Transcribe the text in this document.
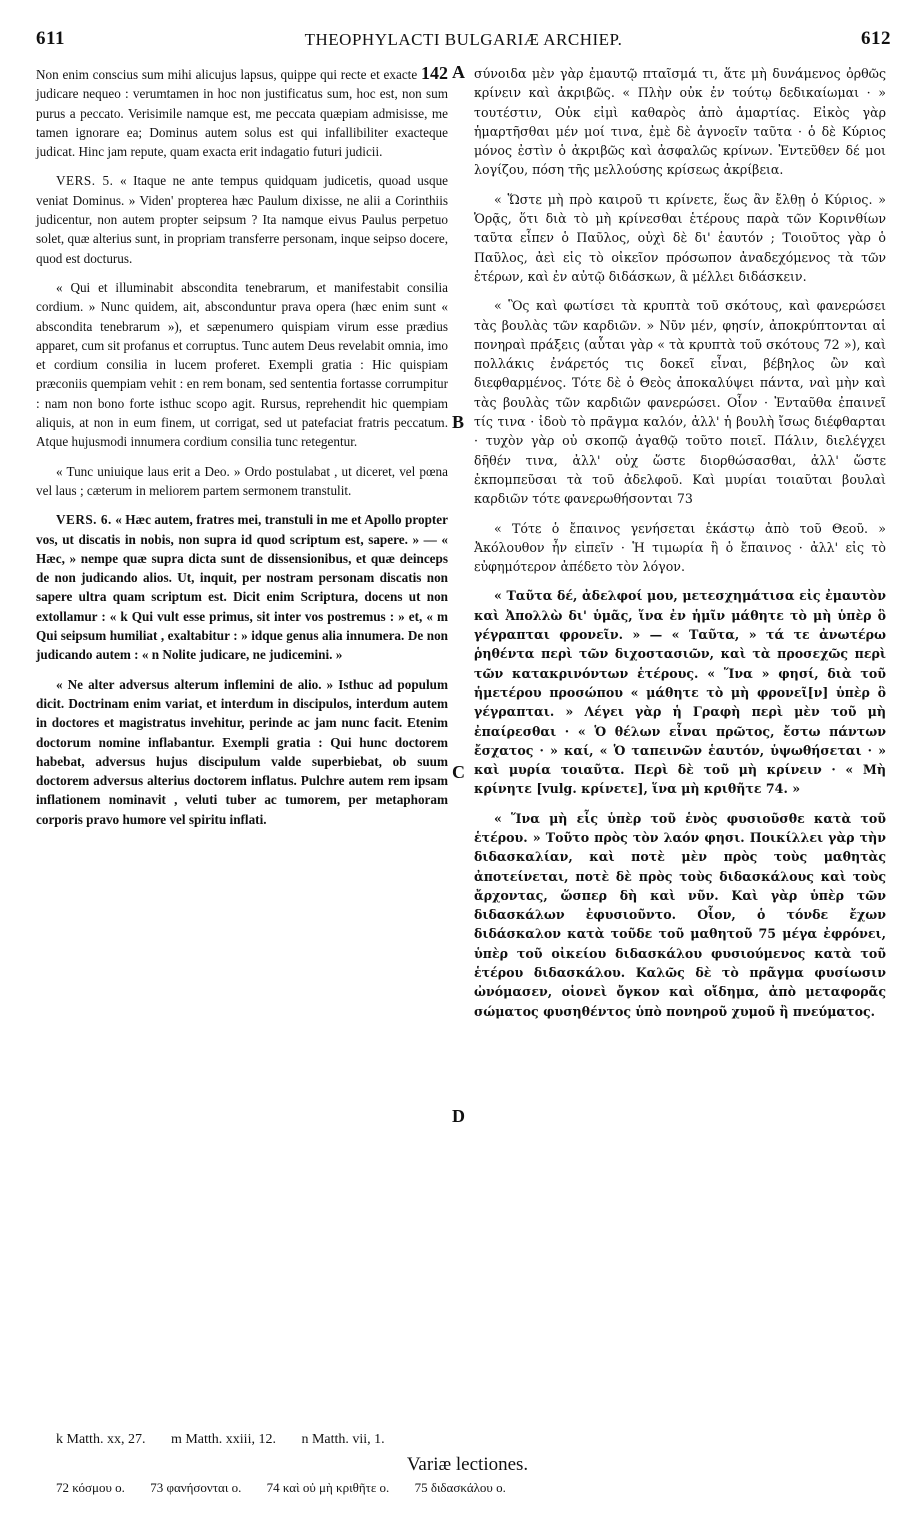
611	THEOPHYLACTI BULGARIÆ ARCHIEP.	612
A
B
C
D

Non enim conscius sum mihi alicujus lapsus, quippe qui recte et exacte 142 judicare nequeo : verumtamen in hoc non justificatus sum, hoc est, non sum purus a peccato. Verisimile namque est, me peccata quæpiam admisisse, me tamen ignorare ea; Dominus autem solus est qui infallibiliter exacteque judicat. Hinc jam repute, quam exacta erit indagatio futuri judicii.

VERS. 5. « Itaque ne ante tempus quidquam judicetis, quoad usque veniat Dominus. » Viden' propterea hæc Paulum dixisse, ne alii a Corinthiis judicentur, non autem propter seipsum ? Ita namque eivus Paulus perpetuo solet, quæ alterius sunt, in propriam transferre personam, inque seipso docere, quod est docturus.

« Qui et illuminabit abscondita tenebrarum, et manifestabit consilia cordium. » Nunc quidem, ait, absconduntur prava opera (hæc enim sunt « abscondita tenebrarum »), et sæpenumero quispiam virum esse prædius apparet, cum sit profanus et corruptus. Tunc autem Deus revelabit omnia, imo et cordium consilia in lucem proferet. Exempli gratia : Hic quispiam præconiis quempiam vehit : en rem bonam, sed sententia fortasse corrumpitur : nam non bono forte isthuc scopo agit. Rursus, reprehendit hic quempiam aliquis, at non in eum finem, ut corrigat, sed ut patefaciat fratris peccatum. Atque hujusmodi innumera cordium consilia tunc retegentur.

« Tunc uniuique laus erit a Deo. » Ordo postulabat , ut diceret, vel pœna vel laus ; cæterum in meliorem partem sermonem transtulit.

VERS. 6. « Hæc autem, fratres mei, transtuli in me et Apollo propter vos, ut discatis in nobis, non supra id quod scriptum est, sapere. » — « Hæc, » nempe quæ supra dicta sunt de dissensionibus, et quæ deinceps de non judicando alios. Ut, inquit, per nostram personam discatis non sapere ultra quam scriptum est. Dicit enim Scriptura, docens ut non extollamur : « k Qui vult esse primus, sit inter vos postremus : » et, « m Qui seipsum humiliat , exaltabitur : » idque genus alia innumera. De non judicando autem : « n Nolite judicare, ne judicemini. »

« Ne alter adversus alterum inflemini de alio. » Isthuc ad populum dicit. Doctrinam enim variat, et interdum in discipulos, interdum autem in doctores et magistratus invehitur, perinde ac jam nunc facit. Etenim doctorum nomine inflabantur. Exempli gratia : Qui hunc doctorem habebat, adversus hujus discipulum valde superbiebat, ob suum doctorem adversus alterius doctorem inflatus. Pulchre autem rem ipsam inflationem nominavit , veluti tuber ac tumorem, per metaphoram corporis pravo humore vel spiritu inflati.

σύνοιδα μὲν γὰρ ἐμαυτῷ πταῖσμά τι, ἅτε μὴ δυνάμενος ὀρθῶς κρίνειν καὶ ἀκριβῶς. « Πλὴν οὐκ ἐν τούτῳ δεδικαίωμαι · » τουτέστιν, Οὐκ εἰμὶ καθαρὸς ἀπὸ ἁμαρτίας. Εἰκὸς γὰρ ἡμαρτῆσθαι μέν μοί τινα, ἐμὲ δὲ ἀγνοεῖν ταῦτα · ὁ δὲ Κύριος μόνος ἐστὶν ὁ ἀκριβῶς καὶ ἀσφαλῶς κρίνων. Ἐντεῦθεν δέ μοι λογίζου, πόση τῆς μελλούσης κρίσεως ἀκρίβεια.

« Ὥστε μὴ πρὸ καιροῦ τι κρίνετε, ἕως ἂν ἔλθῃ ὁ Κύριος. » Ὁρᾷς, ὅτι διὰ τὸ μὴ κρίνεσθαι ἑτέρους παρὰ τῶν Κορινθίων ταῦτα εἶπεν ὁ Παῦλος, οὐχὶ δὲ δι' ἑαυτόν ; Τοιοῦτος γὰρ ὁ Παῦλος, ἀεὶ εἰς τὸ οἰκεῖον πρόσωπον ἀναδεχόμενος τὰ τῶν ἑτέρων, καὶ ἐν αὐτῷ διδάσκων, ἃ μέλλει διδάσκειν.

« Ὃς καὶ φωτίσει τὰ κρυπτὰ τοῦ σκότους, καὶ φανερώσει τὰς βουλὰς τῶν καρδιῶν. » Νῦν μέν, φησίν, ἀποκρύπτονται αἱ πονηραὶ πράξεις (αὗται γὰρ « τὰ κρυπτὰ τοῦ σκότους 72 »), καὶ πολλάκις ἐνάρετός τις δοκεῖ εἶναι, βέβηλος ὢν καὶ διεφθαρμένος. Τότε δὲ ὁ Θεὸς ἀποκαλύψει πάντα, ναὶ μὴν καὶ τὰς βουλὰς τῶν καρδιῶν φανερώσει. Οἷον · Ἐνταῦθα ἐπαινεῖ τίς τινα · ἰδοὺ τὸ πρᾶγμα καλόν, ἀλλ' ἡ βουλὴ ἴσως διέφθαρται · τυχὸν γὰρ οὐ σκοπῷ ἀγαθῷ τοῦτο ποιεῖ. Πάλιν, διελέγχει δῆθέν τινα, ἀλλ' οὐχ ὥστε διορθώσασθαι, ἀλλ' ὥστε ἐκπομπεῦσαι τὰ τοῦ ἀδελφοῦ. Καὶ μυρίαι τοιαῦται βουλαὶ καρδιῶν τότε φανερωθήσονται 73

« Τότε ὁ ἔπαινος γενήσεται ἑκάστῳ ἀπὸ τοῦ Θεοῦ. » Ἀκόλουθον ἦν εἰπεῖν · Ἡ τιμωρία ἢ ὁ ἔπαινος · ἀλλ' εἰς τὸ εὐφημότερον ἀπέδετο τὸν λόγον.

« Ταῦτα δέ, ἀδελφοί μου, μετεσχημάτισα εἰς ἐμαυτὸν καὶ Ἀπολλὼ δι' ὑμᾶς, ἵνα ἐν ἡμῖν μάθητε τὸ μὴ ὑπὲρ ὃ γέγραπται φρονεῖν. » — « Ταῦτα, » τά τε ἀνωτέρω ῥηθέντα περὶ τῶν διχοστασιῶν, καὶ τὰ προσεχῶς περὶ τῶν κατακρινόντων ἑτέρους. « Ἵνα » φησί, διὰ τοῦ ἡμετέρου προσώπου « μάθητε τὸ μὴ φρονεῖ[ν] ὑπὲρ ὃ γέγραπται. » Λέγει γὰρ ἡ Γραφὴ περὶ μὲν τοῦ μὴ ἐπαίρεσθαι · « Ὁ θέλων εἶναι πρῶτος, ἔστω πάντων ἔσχατος · » καί, « Ὁ ταπεινῶν ἑαυτόν, ὑψωθήσεται · » καὶ μυρία τοιαῦτα. Περὶ δὲ τοῦ μὴ κρίνειν · « Μὴ κρίνητε [vulg. κρίνετε], ἵνα μὴ κριθῆτε 74. »

« Ἵνα μὴ εἷς ὑπὲρ τοῦ ἑνὸς φυσιοῦσθε κατὰ τοῦ ἑτέρου. » Τοῦτο πρὸς τὸν λαόν φησι. Ποικίλλει γὰρ τὴν διδασκαλίαν, καὶ ποτὲ μὲν πρὸς τοὺς μαθητὰς ἀποτείνεται, ποτὲ δὲ πρὸς τοὺς διδασκάλους καὶ τοὺς ἄρχοντας, ὥσπερ δὴ καὶ νῦν. Καὶ γὰρ ὑπὲρ τῶν διδασκάλων ἐφυσιοῦντο. Οἷον, ὁ τόνδε ἔχων διδάσκαλον κατὰ τοῦδε τοῦ μαθητοῦ 75 μέγα ἐφρόνει, ὑπὲρ τοῦ οἰκείου διδασκάλου φυσιούμενος κατὰ τοῦ ἑτέρου διδασκάλου. Καλῶς δὲ τὸ πρᾶγμα φυσίωσιν ὠνόμασεν, οἱονεὶ ὄγκον καὶ οἴδημα, ἀπὸ μεταφορᾶς σώματος φυσηθέντος ὑπὸ πονηροῦ χυμοῦ ἢ πνεύματος.

k Matth. xx, 27. m Matth. xxiii, 12. n Matth. vii, 1.
Variæ lectiones.
72 κόσμου ο. 73 φανήσονται ο. 74 καὶ οὐ μὴ κριθῆτε ο. 75 διδασκάλου ο.
